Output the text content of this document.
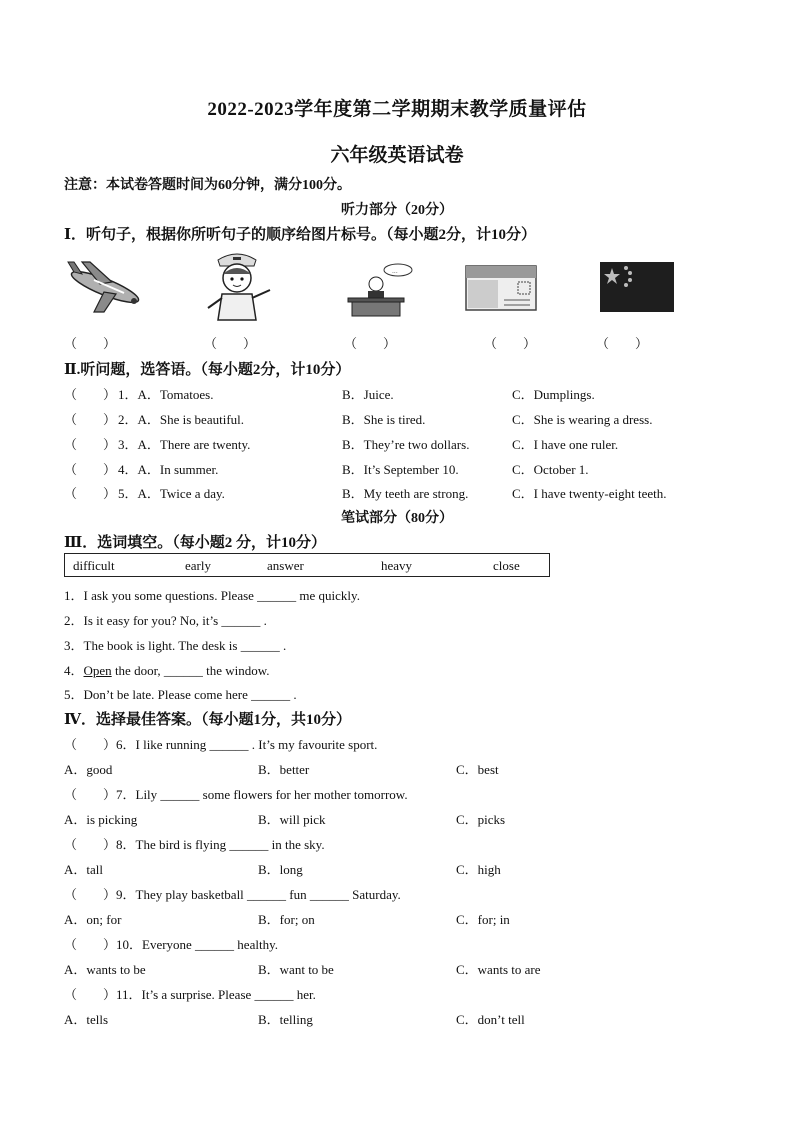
2022-2023学年度第二学期期末教学质量评估
六年级英语试卷
注意：本试卷答题时间为60分钟，满分100分。
听力部分（20分）
Ⅰ．听句子，根据你所听句子的顺序给图片标号。（每小题2分，计10分）
...
（　　）	（　　）	（　　）	（　　）	（　　）
Ⅱ.听问题，选答语。（每小题2分，计10分）
（　　） 1．A．Tomatoes.	B．Juice.	C．Dumplings.
（　　） 2．A．She is beautiful.	B．She is tired.	C．She is wearing a dress.
（　　） 3．A．There are twenty.	B．They’re two dollars.	C．I have one ruler.
（　　） 4．A．In summer.	B．It’s September 10.	C．October 1.
（　　） 5．A．Twice a day.	B．My teeth are strong.	C．I have twenty-eight teeth.
笔试部分（80分）
Ⅲ．选词填空。（每小题2 分，计10分）
difficult	early	answer	heavy	close
1．I ask you some questions. Please ______ me quickly.
2．Is it easy for you? No, it’s ______ .
3．The book is light. The desk is ______ .
4．Open the door, ______ the window.
5．Don’t be late. Please come here ______ .
Ⅳ．选择最佳答案。（每小题1分，共10分）
（　　）6．I like running ______ . It’s my favourite sport.
A．good	B．better	C．best
（　　）7．Lily ______ some flowers for her mother tomorrow.
A．is picking	B．will pick	C．picks
（　　）8．The bird is flying ______ in the sky.
A．tall	B．long	C．high
（　　）9．They play basketball ______ fun ______ Saturday.
A．on; for	B．for; on	C．for; in
（　　）10．Everyone ______ healthy.
A．wants to be	B．want to be	C．wants to are
（　　）11．It’s a surprise. Please ______ her.
A．tells	B．telling	C．don’t tell
